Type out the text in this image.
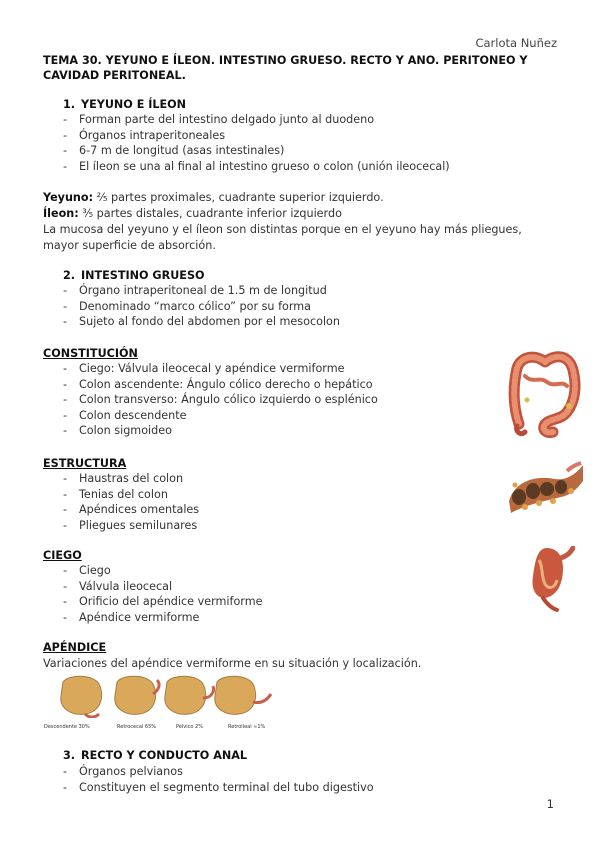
Carlota Nuñez
TEMA 30. YEYUNO E ÍLEON. INTESTINO GRUESO. RECTO Y ANO. PERITONEO Y CAVIDAD PERITONEAL.
1. YEYUNO E ÍLEON
- Forman parte del intestino delgado junto al duodeno
- Órganos intraperitoneales
- 6-7 m de longitud (asas intestinales)
- El íleon se una al final al intestino grueso o colon (unión ileocecal)
Yeyuno: ⅖ partes proximales, cuadrante superior izquierdo.
Íleon: ⅗ partes distales, cuadrante inferior izquierdo
La mucosa del yeyuno y el íleon son distintas porque en el yeyuno hay más pliegues, mayor superficie de absorción.
2. INTESTINO GRUESO
- Órgano intraperitoneal de 1.5 m de longitud
- Denominado “marco cólico” por su forma
- Sujeto al fondo del abdomen por el mesocolon
CONSTITUCIÓN
- Ciego: Válvula ileocecal y apéndice vermiforme
- Colon ascendente: Ángulo cólico derecho o hepático
- Colon transverso: Ángulo cólico izquierdo o esplénico
- Colon descendente
- Colon sigmoideo
ESTRUCTURA
- Haustras del colon
- Tenias del colon
- Apéndices omentales
- Pliegues semilunares
CIEGO
- Ciego
- Válvula ileocecal
- Orificio del apéndice vermiforme
- Apéndice vermiforme
APÉNDICE
Variaciones del apéndice vermiforme en su situación y localización.
Descendente 30%	Retrocecal 65%	Pélvico 2%	Retroileal ≈1%
3. RECTO Y CONDUCTO ANAL
- Órganos pelvianos
- Constituyen el segmento terminal del tubo digestivo
1
